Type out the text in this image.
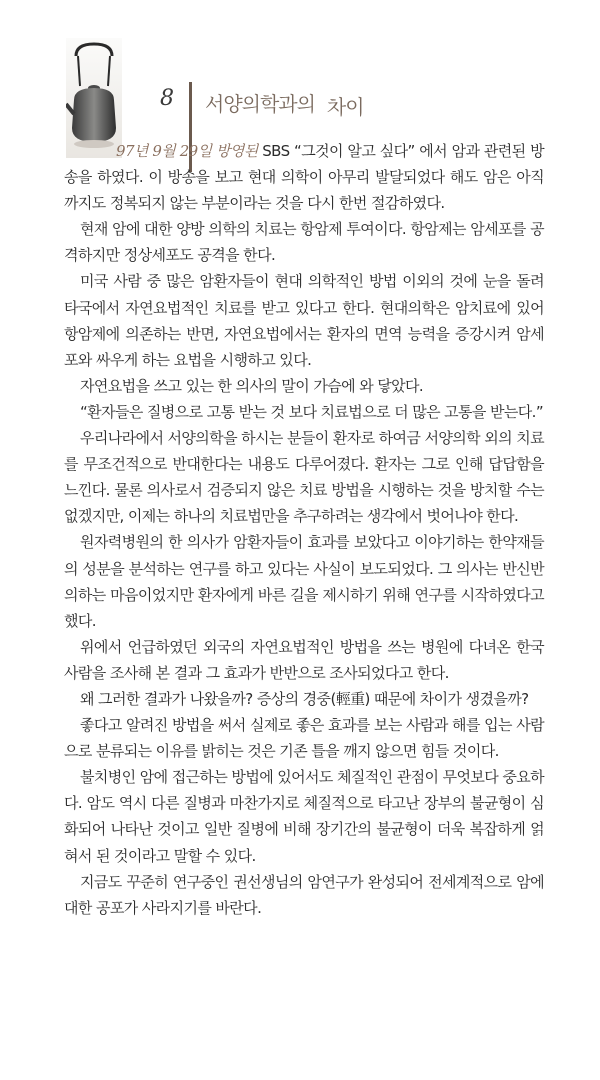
8 서양의학과의 차이

97년 9월 29일 방영된 SBS “그것이 알고 싶다” 에서 암과 관련된 방송을 하였다. 이 방송을 보고 현대 의학이 아무리 발달되었다 해도 암은 아직까지도 정복되지 않는 부분이라는 것을 다시 한번 절감하였다.

현재 암에 대한 양방 의학의 치료는 항암제 투여이다. 항암제는 암세포를 공격하지만 정상세포도 공격을 한다.

미국 사람 중 많은 암환자들이 현대 의학적인 방법 이외의 것에 눈을 돌려 타국에서 자연요법적인 치료를 받고 있다고 한다. 현대의학은 암치료에 있어 항암제에 의존하는 반면, 자연요법에서는 환자의 면역 능력을 증강시켜 암세포와 싸우게 하는 요법을 시행하고 있다.

자연요법을 쓰고 있는 한 의사의 말이 가슴에 와 닿았다.

“환자들은 질병으로 고통 받는 것 보다 치료법으로 더 많은 고통을 받는다.”

우리나라에서 서양의학을 하시는 분들이 환자로 하여금 서양의학 외의 치료를 무조건적으로 반대한다는 내용도 다루어졌다. 환자는 그로 인해 답답함을 느낀다. 물론 의사로서 검증되지 않은 치료 방법을 시행하는 것을 방치할 수는 없겠지만, 이제는 하나의 치료법만을 추구하려는 생각에서 벗어나야 한다.

원자력병원의 한 의사가 암환자들이 효과를 보았다고 이야기하는 한약재들의 성분을 분석하는 연구를 하고 있다는 사실이 보도되었다. 그 의사는 반신반의하는 마음이었지만 환자에게 바른 길을 제시하기 위해 연구를 시작하였다고 했다.

위에서 언급하였던 외국의 자연요법적인 방법을 쓰는 병원에 다녀온 한국 사람을 조사해 본 결과 그 효과가 반반으로 조사되었다고 한다.

왜 그러한 결과가 나왔을까? 증상의 경중(輕重) 때문에 차이가 생겼을까?

좋다고 알려진 방법을 써서 실제로 좋은 효과를 보는 사람과 해를 입는 사람으로 분류되는 이유를 밝히는 것은 기존 틀을 깨지 않으면 힘들 것이다.

불치병인 암에 접근하는 방법에 있어서도 체질적인 관점이 무엇보다 중요하다. 암도 역시 다른 질병과 마찬가지로 체질적으로 타고난 장부의 불균형이 심화되어 나타난 것이고 일반 질병에 비해 장기간의 불균형이 더욱 복잡하게 얽혀서 된 것이라고 말할 수 있다.

지금도 꾸준히 연구중인 권선생님의 암연구가 완성되어 전세계적으로 암에 대한 공포가 사라지기를 바란다.
